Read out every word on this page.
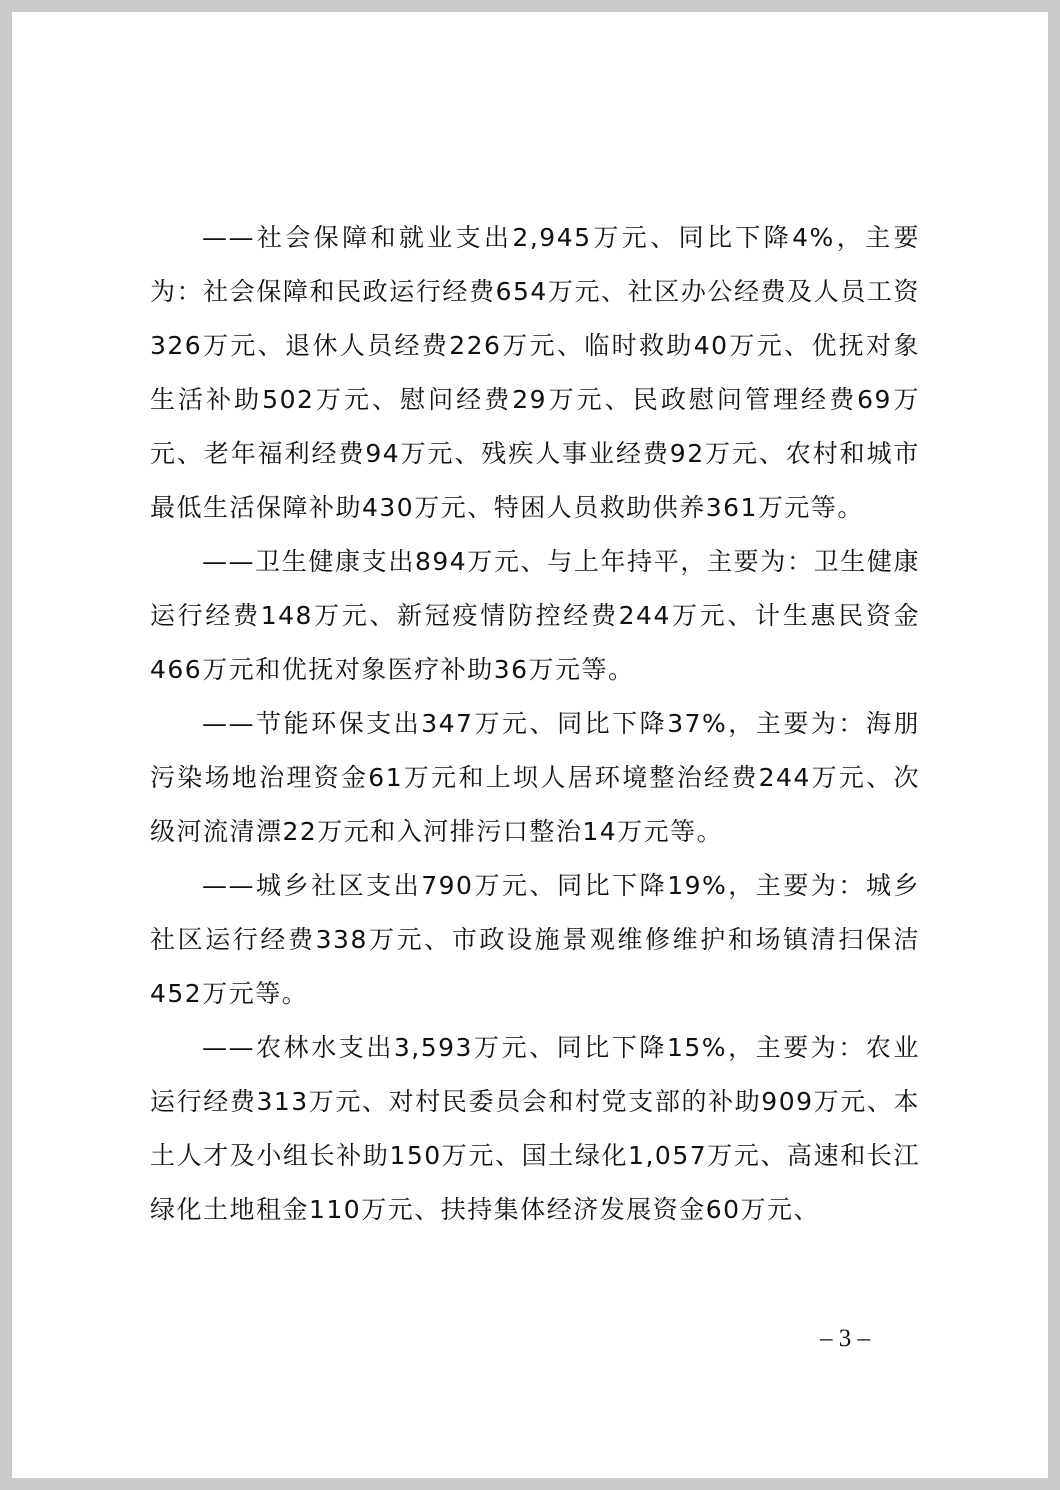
——社会保障和就业支出2,945万元、同比下降4%，主要为：社会保障和民政运行经费654万元、社区办公经费及人员工资326万元、退休人员经费226万元、临时救助40万元、优抚对象生活补助502万元、慰问经费29万元、民政慰问管理经费69万元、老年福利经费94万元、残疾人事业经费92万元、农村和城市最低生活保障补助430万元、特困人员救助供养361万元等。

——卫生健康支出894万元、与上年持平，主要为：卫生健康运行经费148万元、新冠疫情防控经费244万元、计生惠民资金466万元和优抚对象医疗补助36万元等。

——节能环保支出347万元、同比下降37%，主要为：海朋污染场地治理资金61万元和上坝人居环境整治经费244万元、次级河流清漂22万元和入河排污口整治14万元等。

——城乡社区支出790万元、同比下降19%，主要为：城乡社区运行经费338万元、市政设施景观维修维护和场镇清扫保洁452万元等。

——农林水支出3,593万元、同比下降15%，主要为：农业运行经费313万元、对村民委员会和村党支部的补助909万元、本土人才及小组长补助150万元、国土绿化1,057万元、高速和长江绿化土地租金110万元、扶持集体经济发展资金60万元、

– 3 –
